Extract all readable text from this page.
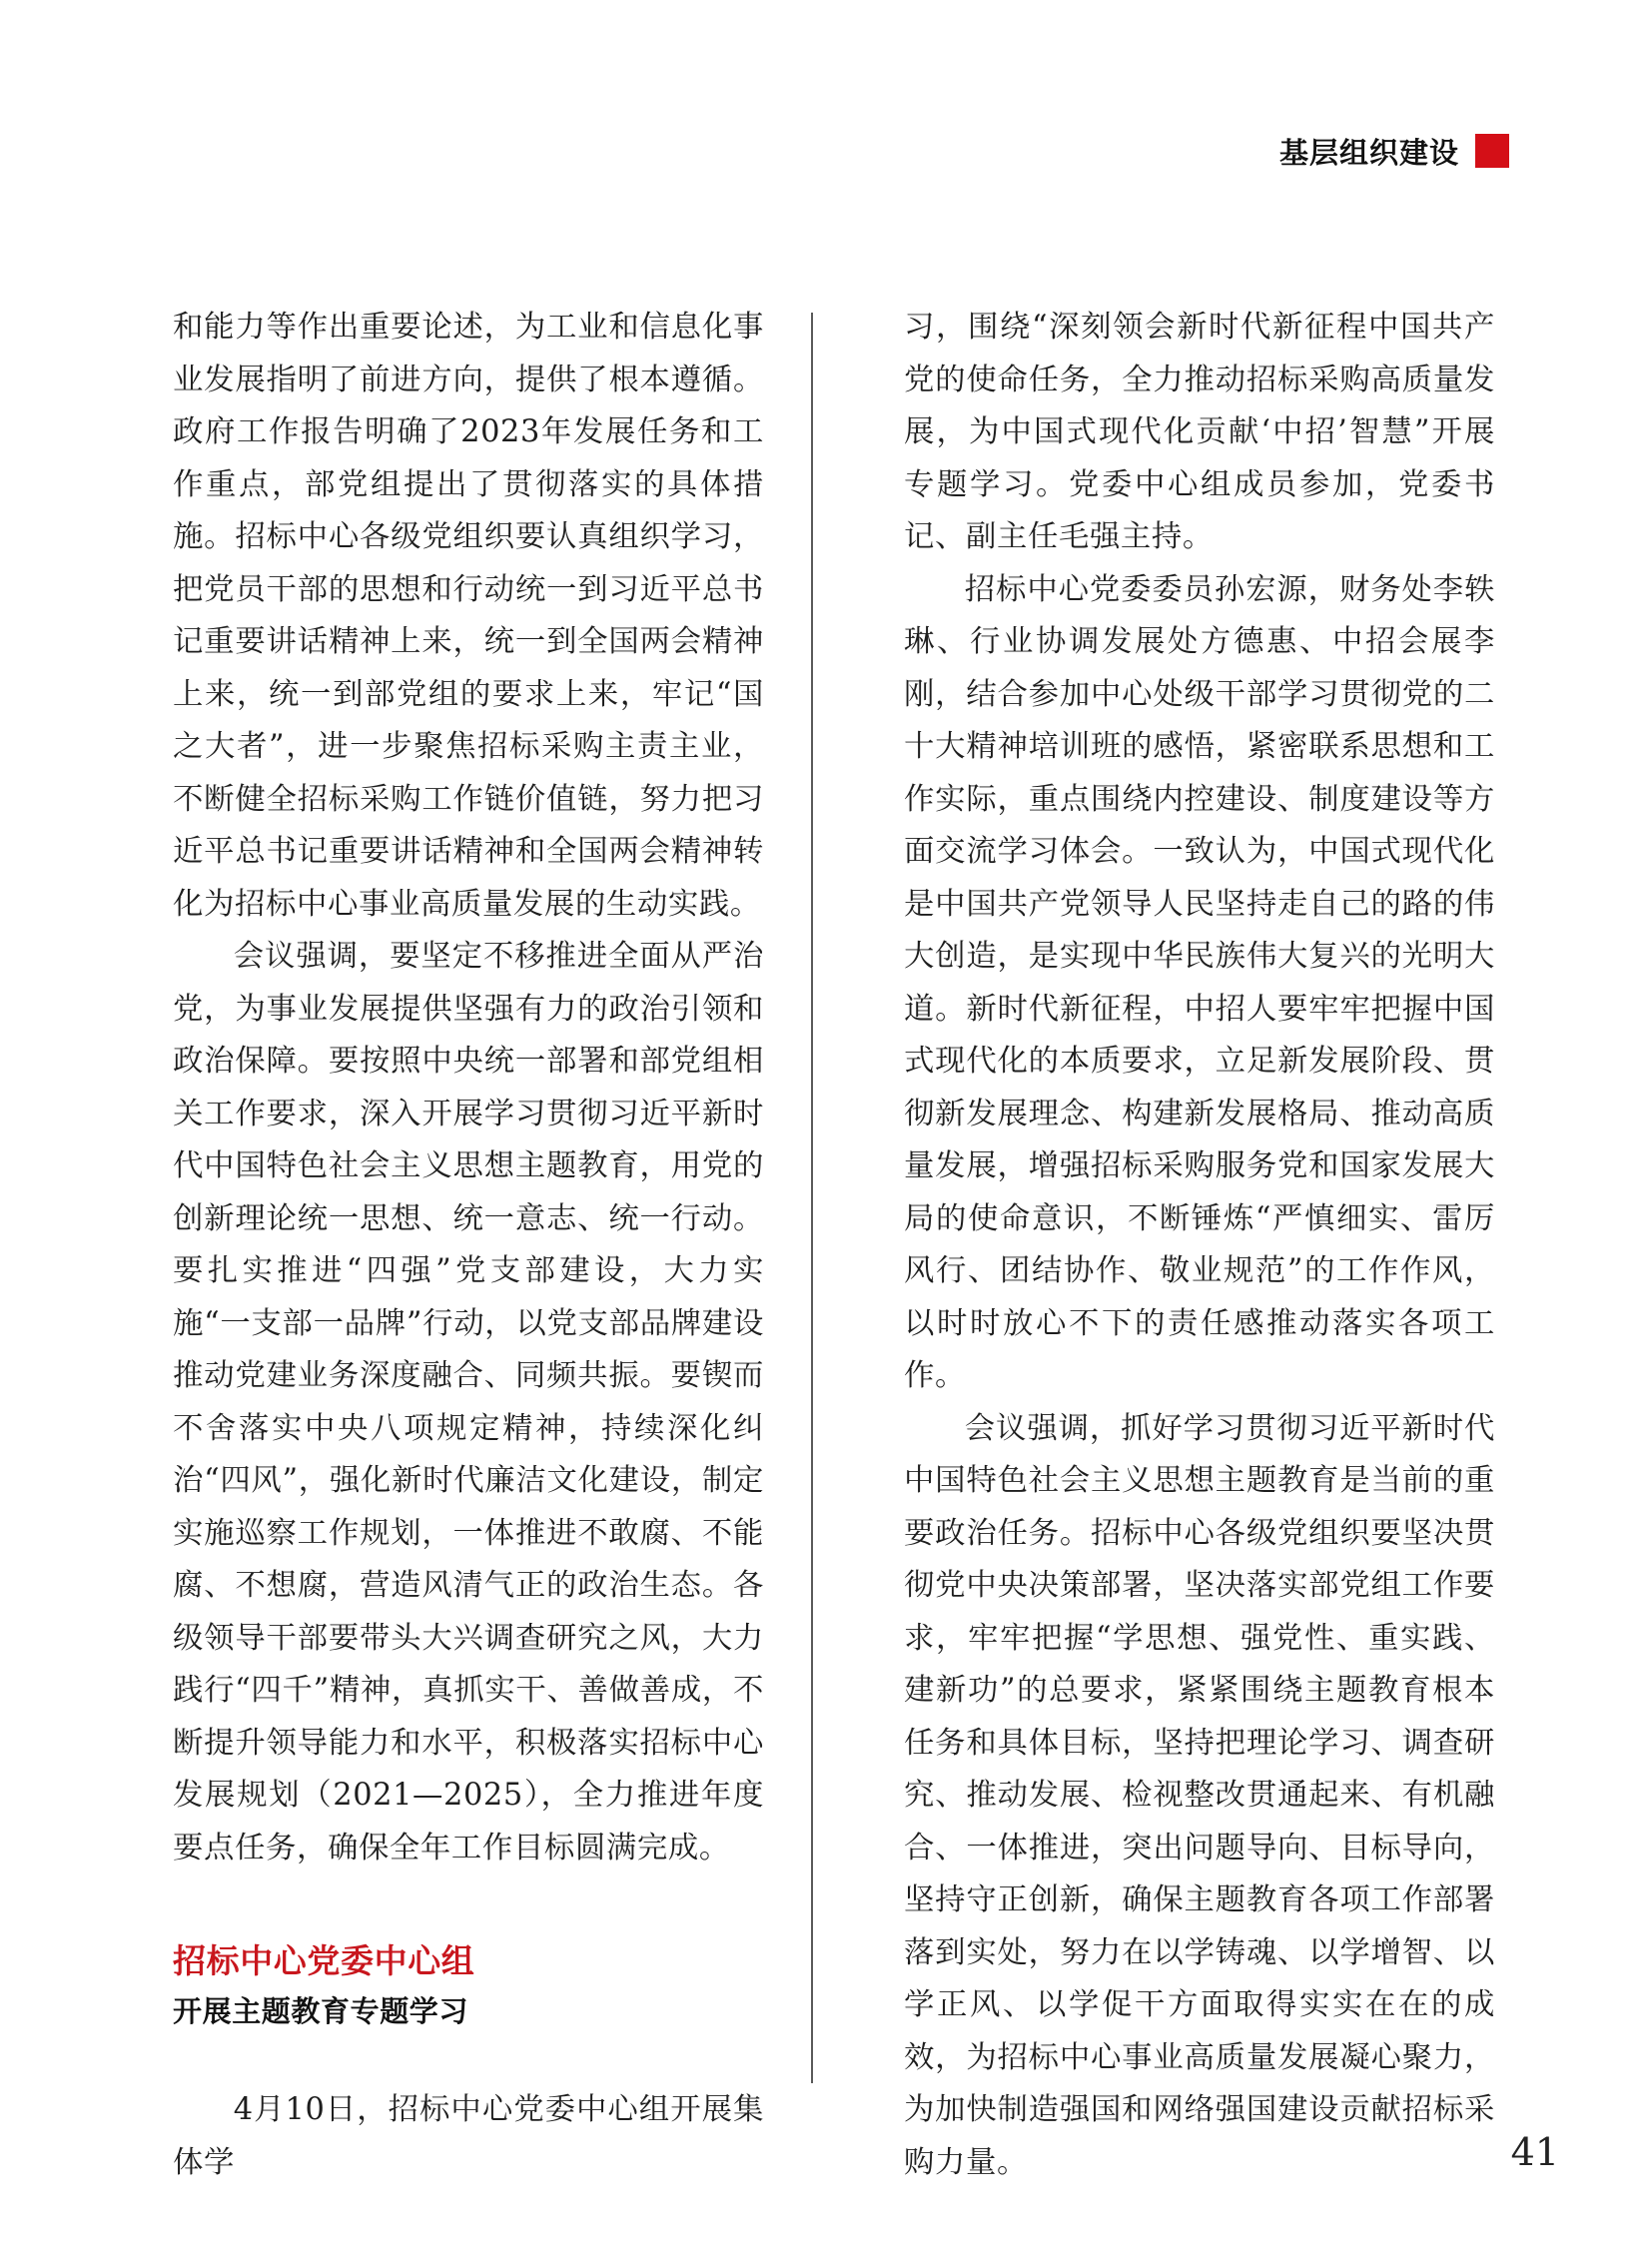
基层组织建设

和能力等作出重要论述，为工业和信息化事业发展指明了前进方向，提供了根本遵循。政府工作报告明确了2023年发展任务和工作重点，部党组提出了贯彻落实的具体措施。招标中心各级党组织要认真组织学习，把党员干部的思想和行动统一到习近平总书记重要讲话精神上来，统一到全国两会精神上来，统一到部党组的要求上来，牢记“国之大者”，进一步聚焦招标采购主责主业，不断健全招标采购工作链价值链，努力把习近平总书记重要讲话精神和全国两会精神转化为招标中心事业高质量发展的生动实践。

会议强调，要坚定不移推进全面从严治党，为事业发展提供坚强有力的政治引领和政治保障。要按照中央统一部署和部党组相关工作要求，深入开展学习贯彻习近平新时代中国特色社会主义思想主题教育，用党的创新理论统一思想、统一意志、统一行动。要扎实推进“四强”党支部建设，大力实施“一支部一品牌”行动，以党支部品牌建设推动党建业务深度融合、同频共振。要锲而不舍落实中央八项规定精神，持续深化纠治“四风”，强化新时代廉洁文化建设，制定实施巡察工作规划，一体推进不敢腐、不能腐、不想腐，营造风清气正的政治生态。各级领导干部要带头大兴调查研究之风，大力践行“四千”精神，真抓实干、善做善成，不断提升领导能力和水平，积极落实招标中心发展规划（2021—2025），全力推进年度要点任务，确保全年工作目标圆满完成。

招标中心党委中心组
开展主题教育专题学习

4月10日，招标中心党委中心组开展集体学

习，围绕“深刻领会新时代新征程中国共产党的使命任务，全力推动招标采购高质量发展，为中国式现代化贡献‘中招’智慧”开展专题学习。党委中心组成员参加，党委书记、副主任毛强主持。

招标中心党委委员孙宏源，财务处李轶琳、行业协调发展处方德惠、中招会展李刚，结合参加中心处级干部学习贯彻党的二十大精神培训班的感悟，紧密联系思想和工作实际，重点围绕内控建设、制度建设等方面交流学习体会。一致认为，中国式现代化是中国共产党领导人民坚持走自己的路的伟大创造，是实现中华民族伟大复兴的光明大道。新时代新征程，中招人要牢牢把握中国式现代化的本质要求，立足新发展阶段、贯彻新发展理念、构建新发展格局、推动高质量发展，增强招标采购服务党和国家发展大局的使命意识，不断锤炼“严慎细实、雷厉风行、团结协作、敬业规范”的工作作风，以时时放心不下的责任感推动落实各项工作。

会议强调，抓好学习贯彻习近平新时代中国特色社会主义思想主题教育是当前的重要政治任务。招标中心各级党组织要坚决贯彻党中央决策部署，坚决落实部党组工作要求，牢牢把握“学思想、强党性、重实践、建新功”的总要求，紧紧围绕主题教育根本任务和具体目标，坚持把理论学习、调查研究、推动发展、检视整改贯通起来、有机融合、一体推进，突出问题导向、目标导向，坚持守正创新，确保主题教育各项工作部署落到实处，努力在以学铸魂、以学增智、以学正风、以学促干方面取得实实在在的成效，为招标中心事业高质量发展凝心聚力，为加快制造强国和网络强国建设贡献招标采购力量。	41
